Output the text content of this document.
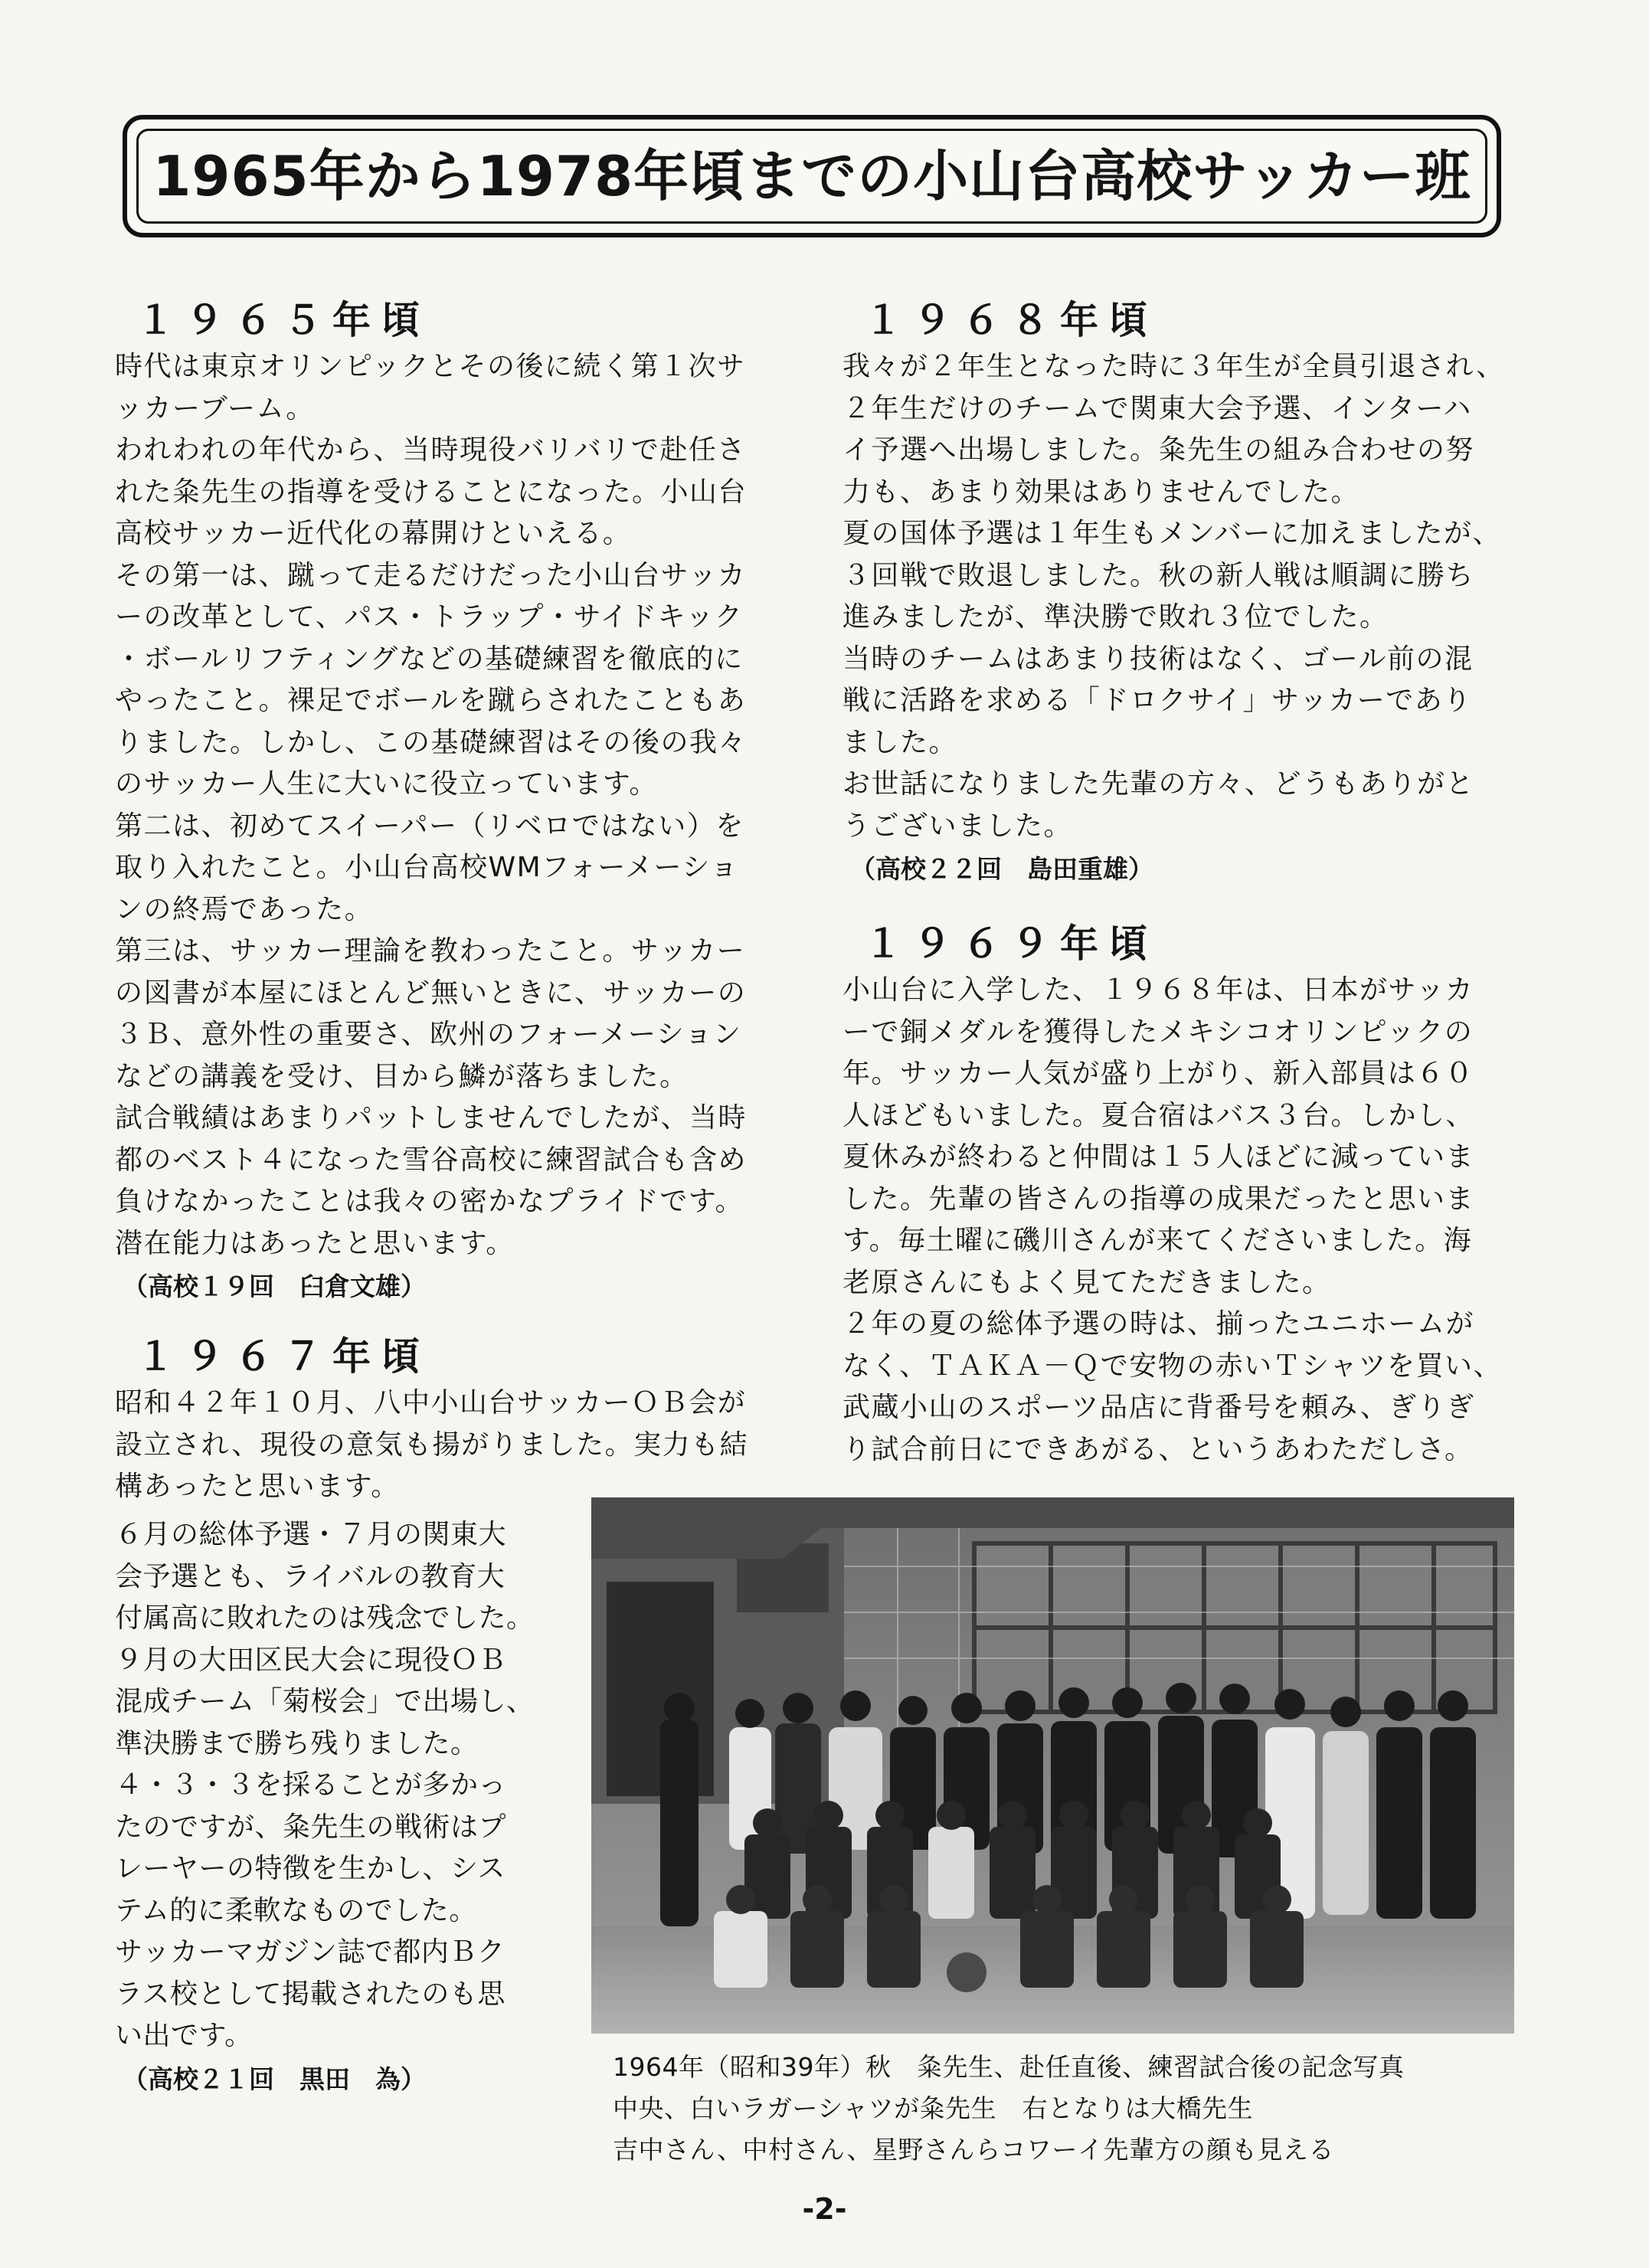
1965年から1978年頃までの小山台高校サッカー班
１９６５年頃

時代は東京オリンピックとその後に続く第１次サ
ッカーブーム。

われわれの年代から、当時現役バリバリで赴任さ
れた粂先生の指導を受けることになった。小山台
高校サッカー近代化の幕開けといえる。

その第一は、蹴って走るだけだった小山台サッカ
ーの改革として、パス・トラップ・サイドキック
・ボールリフティングなどの基礎練習を徹底的に
やったこと。裸足でボールを蹴らされたこともあ
りました。しかし、この基礎練習はその後の我々
のサッカー人生に大いに役立っています。

第二は、初めてスイーパー（リベロではない）を
取り入れたこと。小山台高校WMフォーメーショ
ンの終焉であった。

第三は、サッカー理論を教わったこと。サッカー
の図書が本屋にほとんど無いときに、サッカーの
３Ｂ、意外性の重要さ、欧州のフォーメーション
などの講義を受け、目から鱗が落ちました。

試合戦績はあまりパットしませんでしたが、当時
都のベスト４になった雪谷高校に練習試合も含め
負けなかったことは我々の密かなプライドです。
潜在能力はあったと思います。

（高校１９回　臼倉文雄）
１９６７年頃

昭和４２年１０月、八中小山台サッカーＯＢ会が
設立され、現役の意気も揚がりました。実力も結
構あったと思います。

６月の総体予選・７月の関東大
会予選とも、ライバルの教育大
付属高に敗れたのは残念でした。
９月の大田区民大会に現役ＯＢ
混成チーム「菊桜会」で出場し、
準決勝まで勝ち残りました。
４・３・３を採ることが多かっ
たのですが、粂先生の戦術はプ
レーヤーの特徴を生かし、シス
テム的に柔軟なものでした。
サッカーマガジン誌で都内Ｂク
ラス校として掲載されたのも思
い出です。

（高校２１回　黒田　為）
１９６８年頃

我々が２年生となった時に３年生が全員引退され、
２年生だけのチームで関東大会予選、インターハ
イ予選へ出場しました。粂先生の組み合わせの努
力も、あまり効果はありませんでした。

夏の国体予選は１年生もメンバーに加えましたが、
３回戦で敗退しました。秋の新人戦は順調に勝ち
進みましたが、準決勝で敗れ３位でした。

当時のチームはあまり技術はなく、ゴール前の混
戦に活路を求める「ドロクサイ」サッカーであり
ました。

お世話になりました先輩の方々、どうもありがと
うございました。

（高校２２回　島田重雄）
１９６９年頃

小山台に入学した、１９６８年は、日本がサッカ
ーで銅メダルを獲得したメキシコオリンピックの
年。サッカー人気が盛り上がり、新入部員は６０
人ほどもいました。夏合宿はバス３台。しかし、
夏休みが終わると仲間は１５人ほどに減っていま
した。先輩の皆さんの指導の成果だったと思いま
す。毎土曜に磯川さんが来てくださいました。海
老原さんにもよく見てただきました。

２年の夏の総体予選の時は、揃ったユニホームが
なく、ＴＡＫＡ－Ｑで安物の赤いＴシャツを買い、
武蔵小山のスポーツ品店に背番号を頼み、ぎりぎ
り試合前日にできあがる、というあわただしさ。

1964年（昭和39年）秋　粂先生、赴任直後、練習試合後の記念写真
中央、白いラガーシャツが粂先生　右となりは大橋先生
吉中さん、中村さん、星野さんらコワーイ先輩方の顔も見える
-2-
